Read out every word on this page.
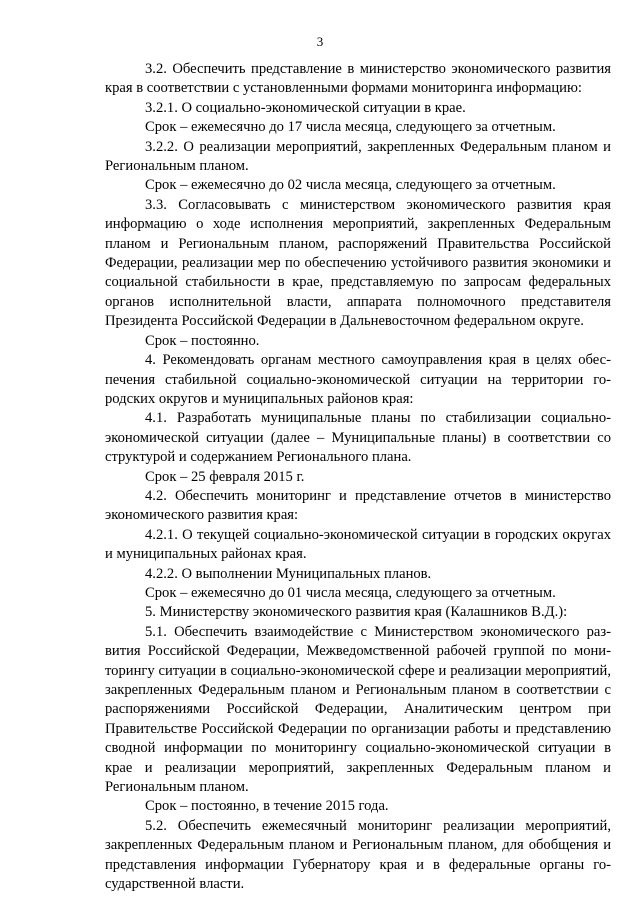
3

3.2. Обеспечить представление в министерство экономического развития края в соответствии с установленными формами мониторинга информацию:

3.2.1. О социально-экономической ситуации в крае.

Срок – ежемесячно до 17 числа месяца, следующего за отчетным.

3.2.2. О реализации мероприятий, закрепленных Федеральным планом и Региональным планом.

Срок – ежемесячно до 02 числа месяца, следующего за отчетным.

3.3. Согласовывать с министерством экономического развития края информацию о ходе исполнения мероприятий, закрепленных Федеральным планом и Региональным планом, распоряжений Правительства Российской Федерации, реализации мер по обеспечению устойчивого развития экономики и социальной стабильности в крае, представляемую по запросам федеральных органов исполнительной власти, аппарата полномочного представителя Президента Российской Федерации в Дальневосточном федеральном округе.

Срок – постоянно.

4. Рекомендовать органам местного самоуправления края в целях обеспечения стабильной социально-экономической ситуации на территории городских округов и муниципальных районов края:

4.1. Разработать муниципальные планы по стабилизации социально-экономической ситуации (далее – Муниципальные планы) в соответствии со структурой и содержанием Регионального плана.

Срок – 25 февраля 2015 г.

4.2. Обеспечить мониторинг и представление отчетов в министерство экономического развития края:

4.2.1. О текущей социально-экономической ситуации в городских округах и муниципальных районах края.

4.2.2. О выполнении Муниципальных планов.

Срок – ежемесячно до 01 числа месяца, следующего за отчетным.

5. Министерству экономического развития края (Калашников В.Д.):

5.1. Обеспечить взаимодействие с Министерством экономического развития Российской Федерации, Межведомственной рабочей группой по мониторингу ситуации в социально-экономической сфере и реализации мероприятий, закрепленных Федеральным планом и Региональным планом в соответствии с распоряжениями Российской Федерации, Аналитическим центром при Правительстве Российской Федерации по организации работы и представлению сводной информации по мониторингу социально-экономической ситуации в крае и реализации мероприятий, закрепленных Федеральным планом и Региональным планом.

Срок – постоянно, в течение 2015 года.

5.2. Обеспечить ежемесячный мониторинг реализации мероприятий, закрепленных Федеральным планом и Региональным планом, для обобщения и представления информации Губернатору края и в федеральные органы государственной власти.
